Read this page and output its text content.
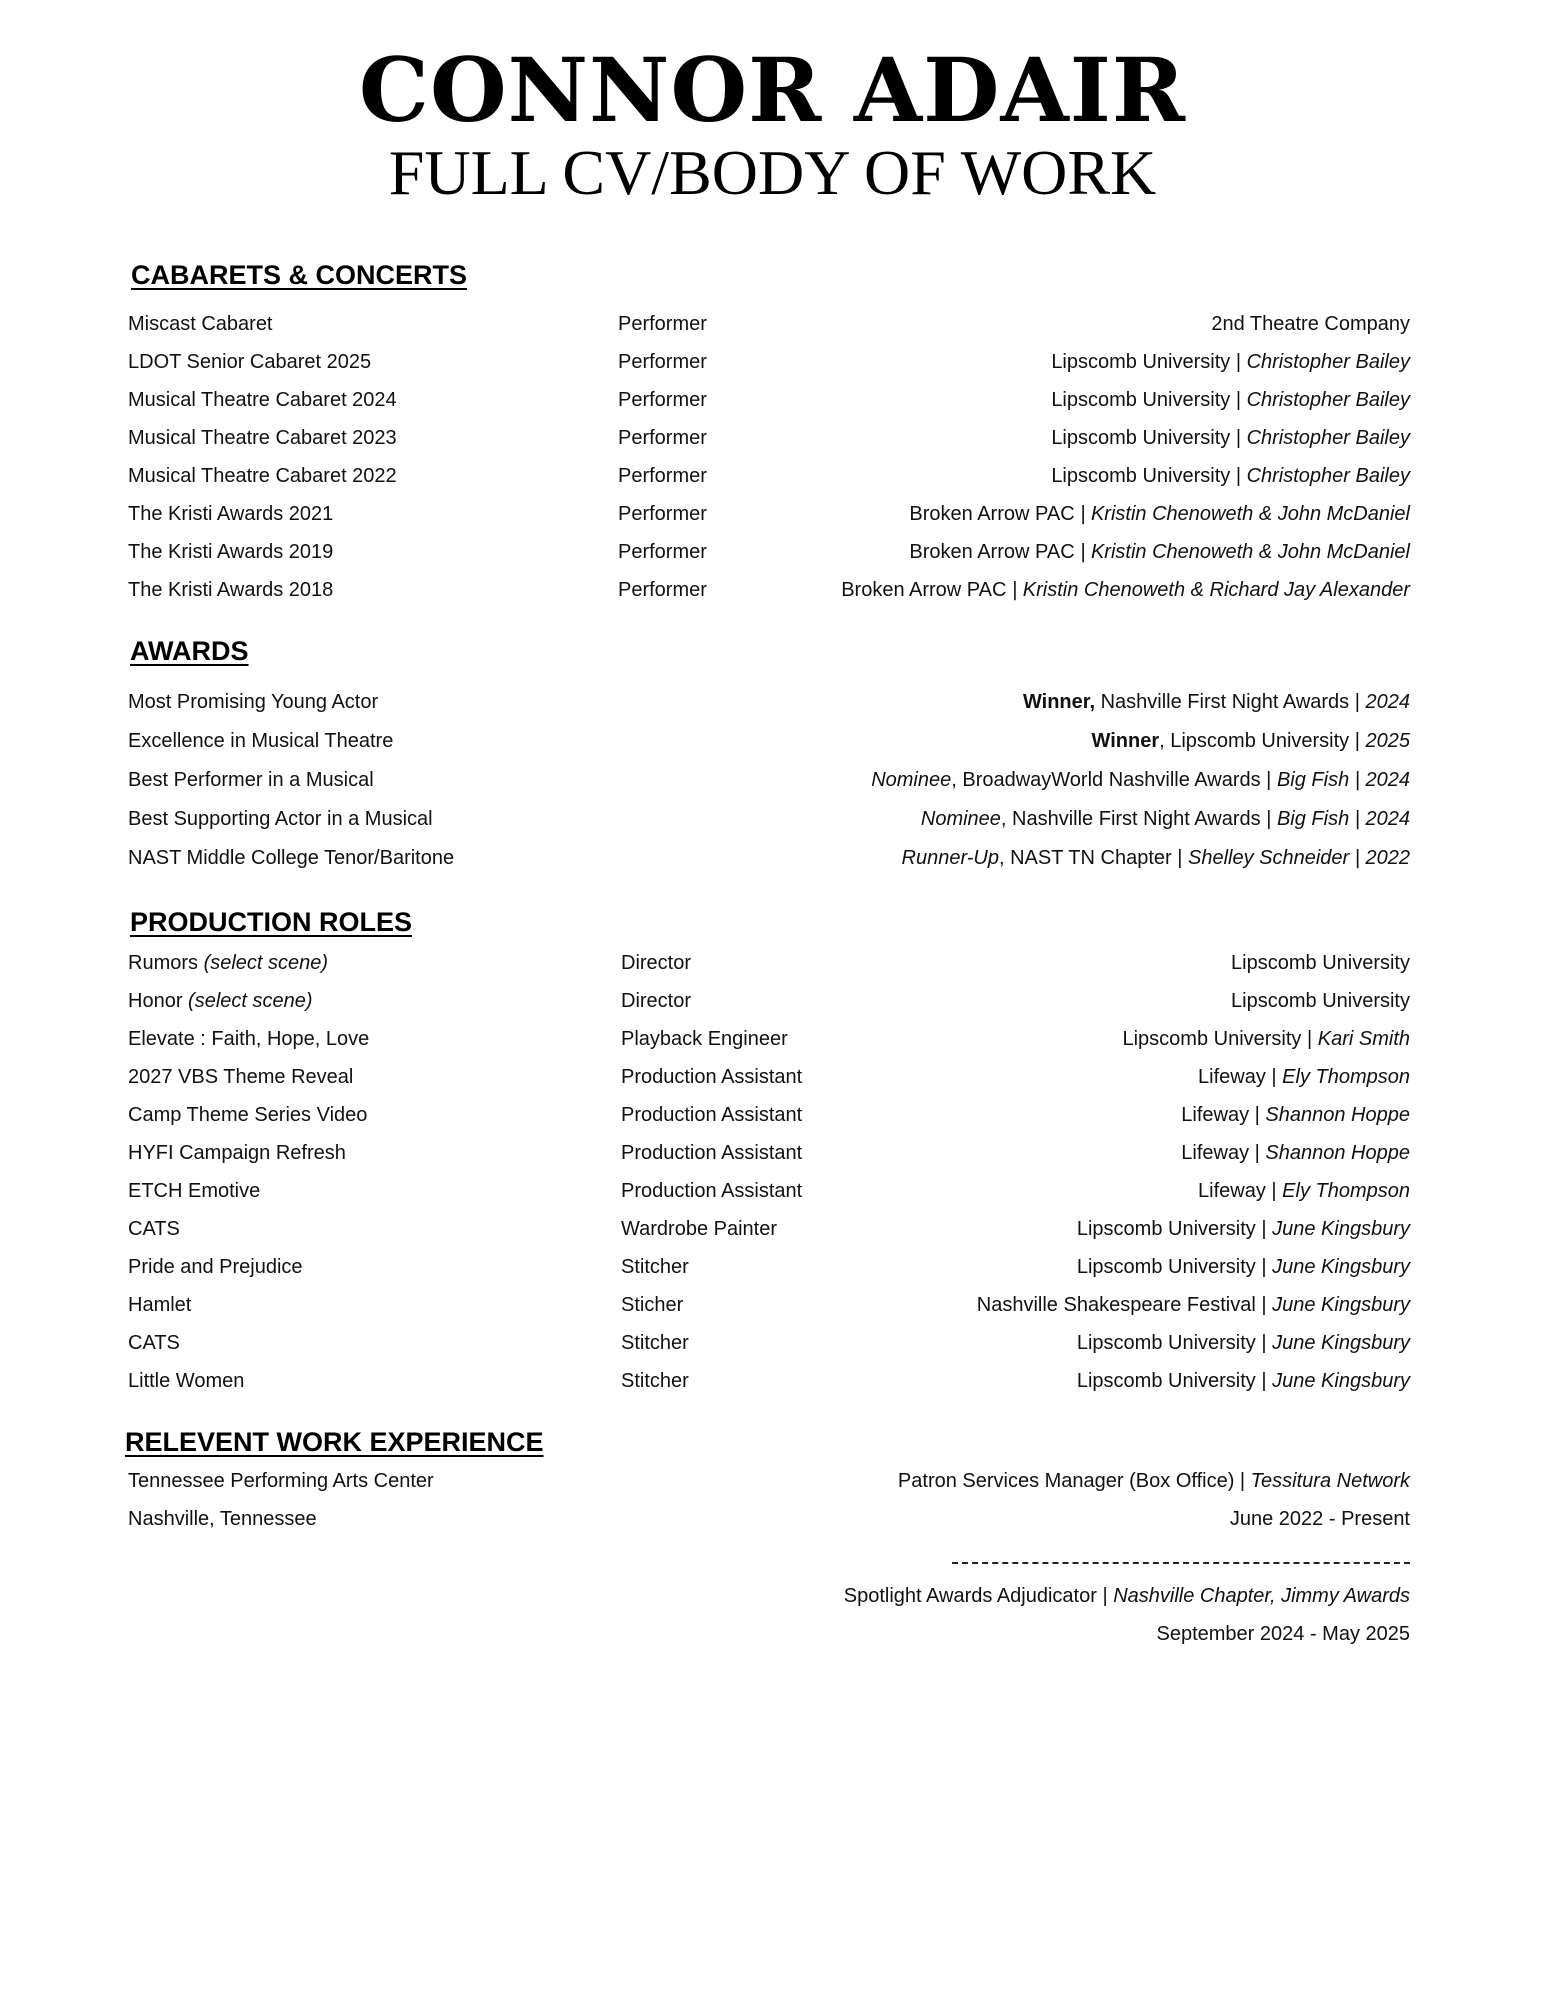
CONNOR ADAIR
FULL CV/BODY OF WORK
CABARETS & CONCERTS
Miscast Cabaret	Performer	2nd Theatre Company
LDOT Senior Cabaret 2025	Performer	Lipscomb University | Christopher Bailey
Musical Theatre Cabaret 2024	Performer	Lipscomb University | Christopher Bailey
Musical Theatre Cabaret 2023	Performer	Lipscomb University | Christopher Bailey
Musical Theatre Cabaret 2022	Performer	Lipscomb University | Christopher Bailey
The Kristi Awards 2021	Performer	Broken Arrow PAC | Kristin Chenoweth & John McDaniel
The Kristi Awards 2019	Performer	Broken Arrow PAC | Kristin Chenoweth & John McDaniel
The Kristi Awards 2018	Performer	Broken Arrow PAC | Kristin Chenoweth & Richard Jay Alexander
AWARDS
Most Promising Young Actor	Winner, Nashville First Night Awards | 2024
Excellence in Musical Theatre	Winner, Lipscomb University | 2025
Best Performer in a Musical	Nominee, BroadwayWorld Nashville Awards | Big Fish | 2024
Best Supporting Actor in a Musical	Nominee, Nashville First Night Awards | Big Fish | 2024
NAST Middle College Tenor/Baritone	Runner-Up, NAST TN Chapter | Shelley Schneider | 2022
PRODUCTION ROLES
Rumors (select scene)	Director	Lipscomb University
Honor (select scene)	Director	Lipscomb University
Elevate : Faith, Hope, Love	Playback Engineer	Lipscomb University | Kari Smith
2027 VBS Theme Reveal	Production Assistant	Lifeway | Ely Thompson
Camp Theme Series Video	Production Assistant	Lifeway | Shannon Hoppe
HYFI Campaign Refresh	Production Assistant	Lifeway | Shannon Hoppe
ETCH Emotive	Production Assistant	Lifeway | Ely Thompson
CATS	Wardrobe Painter	Lipscomb University | June Kingsbury
Pride and Prejudice	Stitcher	Lipscomb University | June Kingsbury
Hamlet	Sticher	Nashville Shakespeare Festival | June Kingsbury
CATS	Stitcher	Lipscomb University | June Kingsbury
Little Women	Stitcher	Lipscomb University | June Kingsbury
RELEVENT WORK EXPERIENCE
Tennessee Performing Arts Center
Nashville, Tennessee
Patron Services Manager (Box Office) | Tessitura Network
June 2022 - Present
Spotlight Awards Adjudicator | Nashville Chapter, Jimmy Awards
September 2024 - May 2025
